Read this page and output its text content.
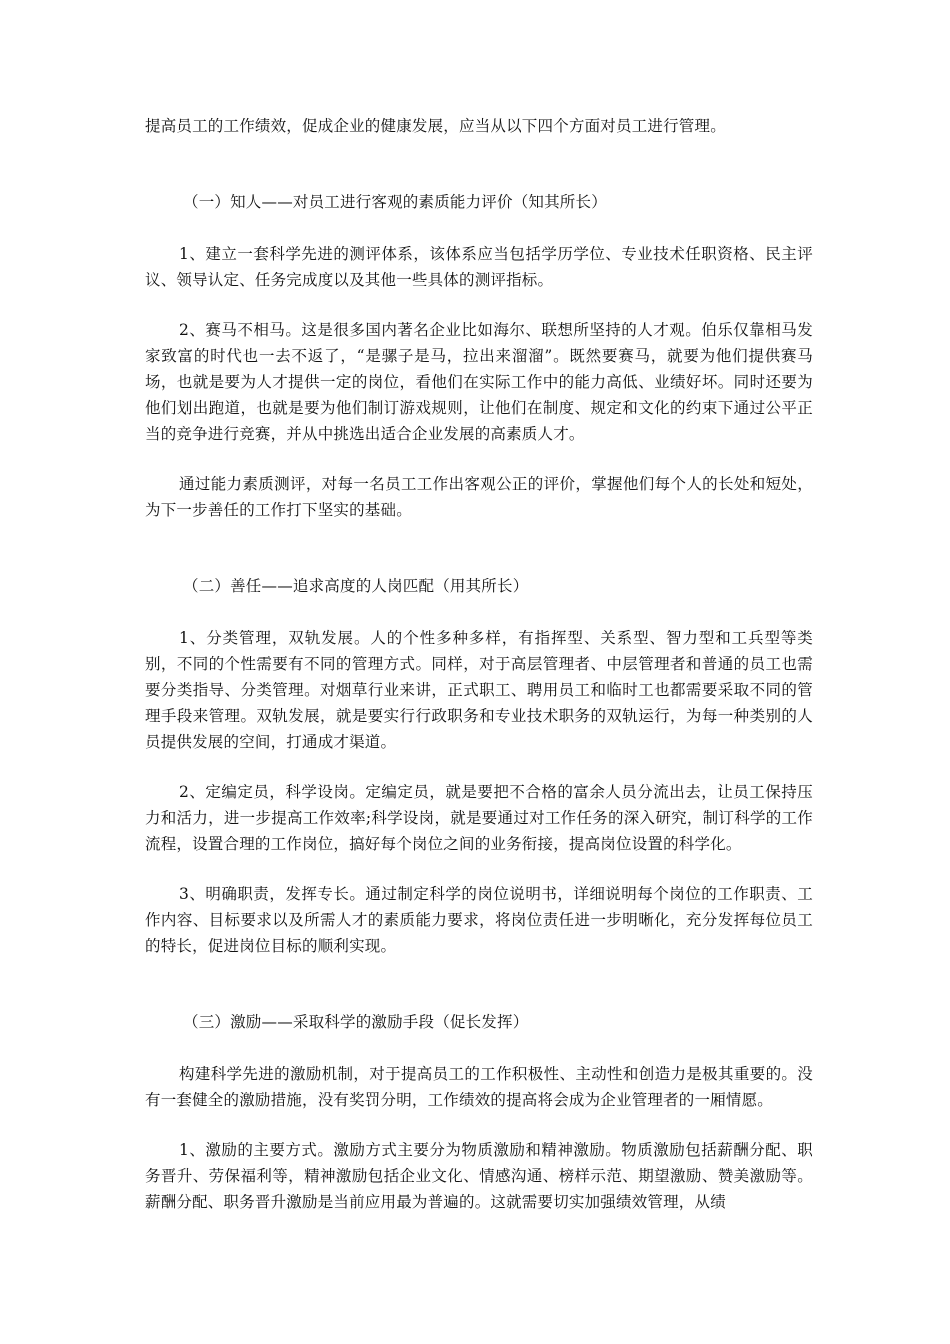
提高员工的工作绩效，促成企业的健康发展，应当从以下四个方面对员工进行管理。

（一）知人——对员工进行客观的素质能力评价（知其所长）

1、建立一套科学先进的测评体系，该体系应当包括学历学位、专业技术任职资格、民主评议、领导认定、任务完成度以及其他一些具体的测评指标。

2、赛马不相马。这是很多国内著名企业比如海尔、联想所坚持的人才观。伯乐仅靠相马发家致富的时代也一去不返了，“是骡子是马，拉出来溜溜”。既然要赛马，就要为他们提供赛马场，也就是要为人才提供一定的岗位，看他们在实际工作中的能力高低、业绩好坏。同时还要为他们划出跑道，也就是要为他们制订游戏规则，让他们在制度、规定和文化的约束下通过公平正当的竞争进行竞赛，并从中挑选出适合企业发展的高素质人才。

通过能力素质测评，对每一名员工工作出客观公正的评价，掌握他们每个人的长处和短处，为下一步善任的工作打下坚实的基础。

（二）善任——追求高度的人岗匹配（用其所长）

1、分类管理，双轨发展。人的个性多种多样，有指挥型、关系型、智力型和工兵型等类别，不同的个性需要有不同的管理方式。同样，对于高层管理者、中层管理者和普通的员工也需要分类指导、分类管理。对烟草行业来讲，正式职工、聘用员工和临时工也都需要采取不同的管理手段来管理。双轨发展，就是要实行行政职务和专业技术职务的双轨运行，为每一种类别的人员提供发展的空间，打通成才渠道。

2、定编定员，科学设岗。定编定员，就是要把不合格的富余人员分流出去，让员工保持压力和活力，进一步提高工作效率;科学设岗，就是要通过对工作任务的深入研究，制订科学的工作流程，设置合理的工作岗位，搞好每个岗位之间的业务衔接，提高岗位设置的科学化。

3、明确职责，发挥专长。通过制定科学的岗位说明书，详细说明每个岗位的工作职责、工作内容、目标要求以及所需人才的素质能力要求，将岗位责任进一步明晰化，充分发挥每位员工的特长，促进岗位目标的顺利实现。

（三）激励——采取科学的激励手段（促长发挥）

构建科学先进的激励机制，对于提高员工的工作积极性、主动性和创造力是极其重要的。没有一套健全的激励措施，没有奖罚分明，工作绩效的提高将会成为企业管理者的一厢情愿。

1、激励的主要方式。激励方式主要分为物质激励和精神激励。物质激励包括薪酬分配、职务晋升、劳保福利等，精神激励包括企业文化、情感沟通、榜样示范、期望激励、赞美激励等。薪酬分配、职务晋升激励是当前应用最为普遍的。这就需要切实加强绩效管理，从绩
